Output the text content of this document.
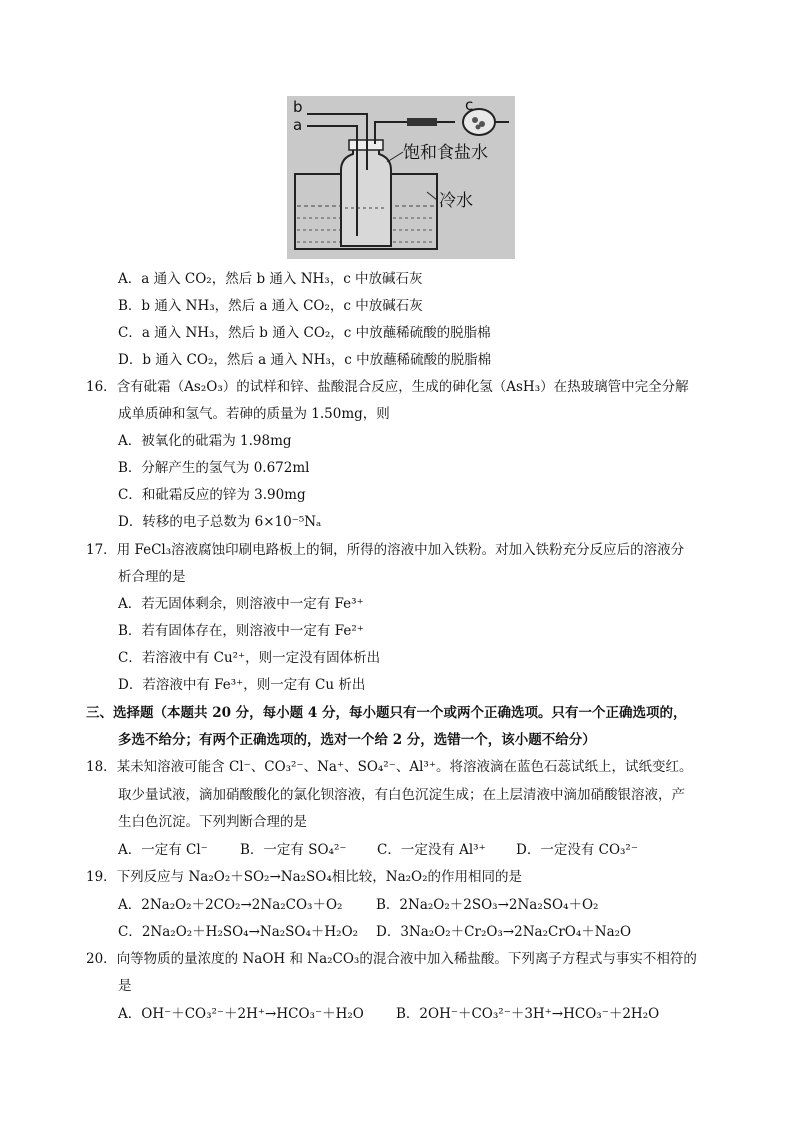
b
a
c
饱和食盐水
冷水
A．a 通入 CO₂，然后 b 通入 NH₃，c 中放碱石灰
B．b 通入 NH₃，然后 a 通入 CO₂，c 中放碱石灰
C．a 通入 NH₃，然后 b 通入 CO₂，c 中放蘸稀硫酸的脱脂棉
D．b 通入 CO₂，然后 a 通入 NH₃，c 中放蘸稀硫酸的脱脂棉
16．含有砒霜（As₂O₃）的试样和锌、盐酸混合反应，生成的砷化氢（AsH₃）在热玻璃管中完全分解
成单质砷和氢气。若砷的质量为 1.50mg，则
A．被氧化的砒霜为 1.98mg
B．分解产生的氢气为 0.672ml
C．和砒霜反应的锌为 3.90mg
D．转移的电子总数为 6×10⁻⁵Nₐ
17．用 FeCl₃溶液腐蚀印刷电路板上的铜，所得的溶液中加入铁粉。对加入铁粉充分反应后的溶液分
析合理的是
A．若无固体剩余，则溶液中一定有 Fe³⁺
B．若有固体存在，则溶液中一定有 Fe²⁺
C．若溶液中有 Cu²⁺，则一定没有固体析出
D．若溶液中有 Fe³⁺，则一定有 Cu 析出
三、选择题（本题共 20 分，每小题 4 分，每小题只有一个或两个正确选项。只有一个正确选项的，
多选不给分；有两个正确选项的，选对一个给 2 分，选错一个，该小题不给分）
18．某未知溶液可能含 Cl⁻、CO₃²⁻、Na⁺、SO₄²⁻、Al³⁺。将溶液滴在蓝色石蕊试纸上，试纸变红。
取少量试液，滴加硝酸酸化的氯化钡溶液，有白色沉淀生成；在上层清液中滴加硝酸银溶液，产
生白色沉淀。下列判断合理的是
A．一定有 Cl⁻ B．一定有 SO₄²⁻ C．一定没有 Al³⁺ D．一定没有 CO₃²⁻
19．下列反应与 Na₂O₂＋SO₂→Na₂SO₄相比较，Na₂O₂的作用相同的是
A．2Na₂O₂＋2CO₂→2Na₂CO₃＋O₂ B．2Na₂O₂＋2SO₃→2Na₂SO₄＋O₂
C．2Na₂O₂＋H₂SO₄→Na₂SO₄＋H₂O₂ D．3Na₂O₂＋Cr₂O₃→2Na₂CrO₄＋Na₂O
20．向等物质的量浓度的 NaOH 和 Na₂CO₃的混合液中加入稀盐酸。下列离子方程式与事实不相符的
是
A．OH⁻＋CO₃²⁻＋2H⁺→HCO₃⁻＋H₂O B．2OH⁻＋CO₃²⁻＋3H⁺→HCO₃⁻＋2H₂O
